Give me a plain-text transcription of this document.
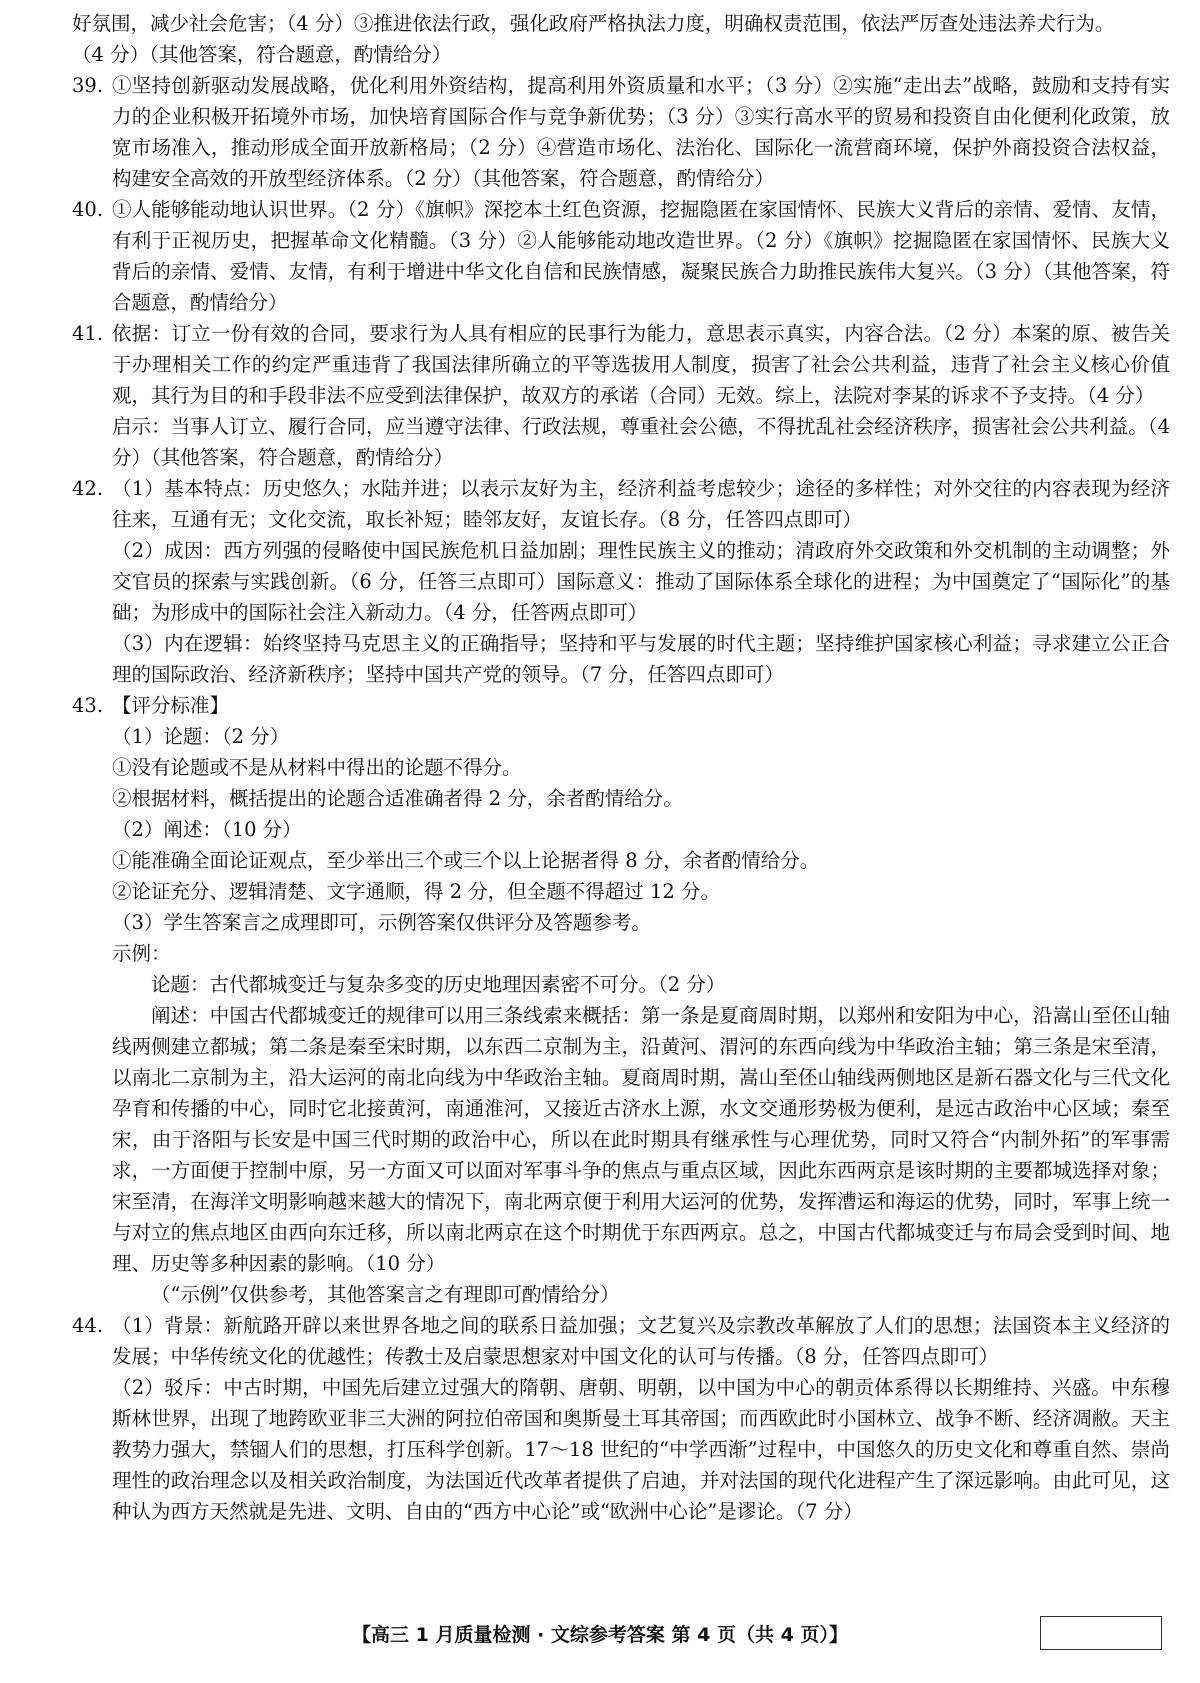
好氛围，减少社会危害；（4 分）③推进依法行政，强化政府严格执法力度，明确权责范围，依法严厉查处违法养犬行为。

（4 分）（其他答案，符合题意，酌情给分）

39. ①坚持创新驱动发展战略，优化利用外资结构，提高利用外资质量和水平；（3 分）②实施“走出去”战略，鼓励和支持有实力的企业积极开拓境外市场，加快培育国际合作与竞争新优势；（3 分）③实行高水平的贸易和投资自由化便利化政策，放宽市场准入，推动形成全面开放新格局；（2 分）④营造市场化、法治化、国际化一流营商环境，保护外商投资合法权益，构建安全高效的开放型经济体系。（2 分）（其他答案，符合题意，酌情给分）

40. ①人能够能动地认识世界。（2 分）《旗帜》深挖本土红色资源，挖掘隐匿在家国情怀、民族大义背后的亲情、爱情、友情，有利于正视历史，把握革命文化精髓。（3 分）②人能够能动地改造世界。（2 分）《旗帜》挖掘隐匿在家国情怀、民族大义背后的亲情、爱情、友情，有利于增进中华文化自信和民族情感，凝聚民族合力助推民族伟大复兴。（3 分）（其他答案，符合题意，酌情给分）

41. 依据：订立一份有效的合同，要求行为人具有相应的民事行为能力，意思表示真实，内容合法。（2 分）本案的原、被告关于办理相关工作的约定严重违背了我国法律所确立的平等选拔用人制度，损害了社会公共利益，违背了社会主义核心价值观，其行为目的和手段非法不应受到法律保护，故双方的承诺（合同）无效。综上，法院对李某的诉求不予支持。（4 分）

启示：当事人订立、履行合同，应当遵守法律、行政法规，尊重社会公德，不得扰乱社会经济秩序，损害社会公共利益。（4 分）（其他答案，符合题意，酌情给分）

42. （1）基本特点：历史悠久；水陆并进；以表示友好为主，经济利益考虑较少；途径的多样性；对外交往的内容表现为经济往来，互通有无；文化交流，取长补短；睦邻友好，友谊长存。（8 分，任答四点即可）

（2）成因：西方列强的侵略使中国民族危机日益加剧；理性民族主义的推动；清政府外交政策和外交机制的主动调整；外交官员的探索与实践创新。（6 分，任答三点即可）国际意义：推动了国际体系全球化的进程；为中国奠定了“国际化”的基础；为形成中的国际社会注入新动力。（4 分，任答两点即可）

（3）内在逻辑：始终坚持马克思主义的正确指导；坚持和平与发展的时代主题；坚持维护国家核心利益；寻求建立公正合理的国际政治、经济新秩序；坚持中国共产党的领导。（7 分，任答四点即可）

43. 【评分标准】

（1）论题：（2 分）

①没有论题或不是从材料中得出的论题不得分。

②根据材料，概括提出的论题合适准确者得 2 分，余者酌情给分。

（2）阐述：（10 分）

①能准确全面论证观点，至少举出三个或三个以上论据者得 8 分，余者酌情给分。

②论证充分、逻辑清楚、文字通顺，得 2 分，但全题不得超过 12 分。

（3）学生答案言之成理即可，示例答案仅供评分及答题参考。

示例：

论题：古代都城变迁与复杂多变的历史地理因素密不可分。（2 分）

阐述：中国古代都城变迁的规律可以用三条线索来概括：第一条是夏商周时期，以郑州和安阳为中心，沿嵩山至伾山轴线两侧建立都城；第二条是秦至宋时期，以东西二京制为主，沿黄河、渭河的东西向线为中华政治主轴；第三条是宋至清，以南北二京制为主，沿大运河的南北向线为中华政治主轴。夏商周时期，嵩山至伾山轴线两侧地区是新石器文化与三代文化孕育和传播的中心，同时它北接黄河，南通淮河，又接近古济水上源，水文交通形势极为便利，是远古政治中心区域；秦至宋，由于洛阳与长安是中国三代时期的政治中心，所以在此时期具有继承性与心理优势，同时又符合“内制外拓”的军事需求，一方面便于控制中原，另一方面又可以面对军事斗争的焦点与重点区域，因此东西两京是该时期的主要都城选择对象；宋至清，在海洋文明影响越来越大的情况下，南北两京便于利用大运河的优势，发挥漕运和海运的优势，同时，军事上统一与对立的焦点地区由西向东迁移，所以南北两京在这个时期优于东西两京。总之，中国古代都城变迁与布局会受到时间、地理、历史等多种因素的影响。（10 分）

（“示例”仅供参考，其他答案言之有理即可酌情给分）

44. （1）背景：新航路开辟以来世界各地之间的联系日益加强；文艺复兴及宗教改革解放了人们的思想；法国资本主义经济的发展；中华传统文化的优越性；传教士及启蒙思想家对中国文化的认可与传播。（8 分，任答四点即可）

（2）驳斥：中古时期，中国先后建立过强大的隋朝、唐朝、明朝，以中国为中心的朝贡体系得以长期维持、兴盛。中东穆斯林世界，出现了地跨欧亚非三大洲的阿拉伯帝国和奥斯曼土耳其帝国；而西欧此时小国林立、战争不断、经济凋敝。天主教势力强大，禁锢人们的思想，打压科学创新。17～18 世纪的“中学西渐”过程中，中国悠久的历史文化和尊重自然、崇尚理性的政治理念以及相关政治制度，为法国近代改革者提供了启迪，并对法国的现代化进程产生了深远影响。由此可见，这种认为西方天然就是先进、文明、自由的“西方中心论”或“欧洲中心论”是谬论。（7 分）

【高三 1 月质量检测 · 文综参考答案 第 4 页（共 4 页）】
